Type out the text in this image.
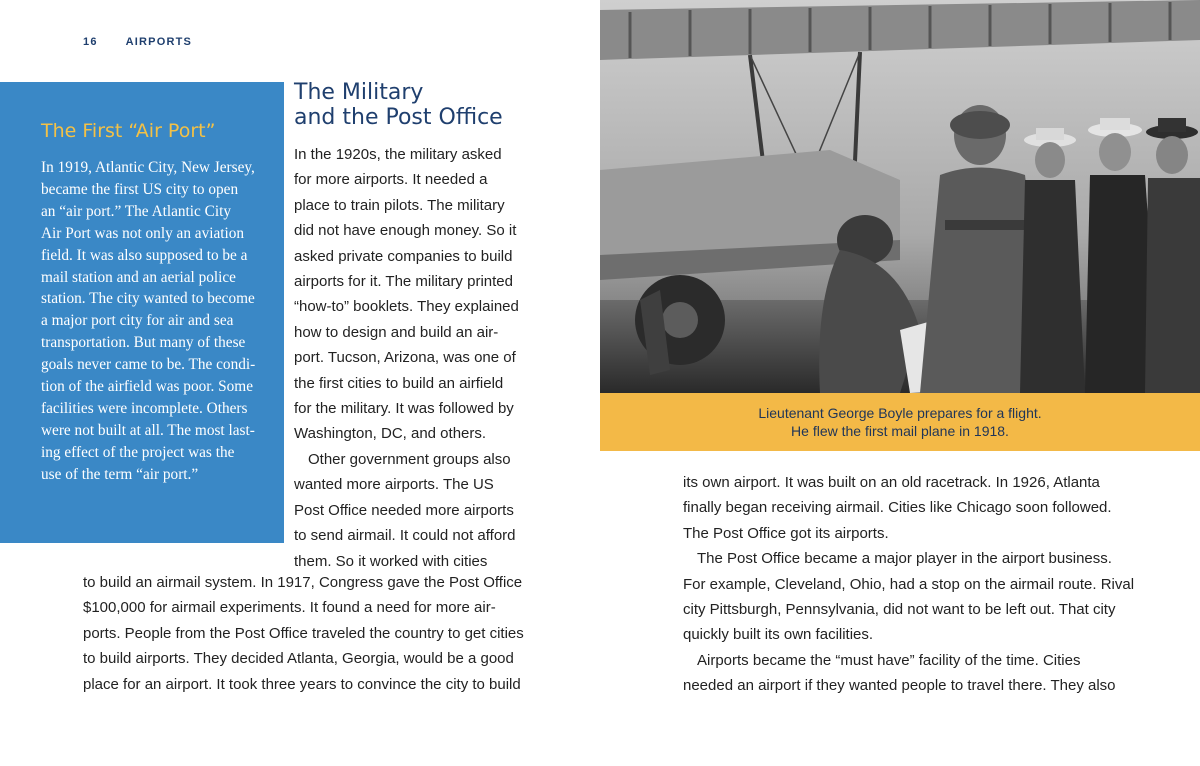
16	AIRPORTS
The First “Air Port”

In 1919, Atlantic City, New Jersey,
became the first US city to open
an “air port.” The Atlantic City
Air Port was not only an aviation
field. It was also supposed to be a
mail station and an aerial police
station. The city wanted to become
a major port city for air and sea
transportation. But many of these
goals never came to be. The condi-
tion of the airfield was poor. Some
facilities were incomplete. Others
were not built at all. The most last-
ing effect of the project was the
use of the term “air port.”

The Military
and the Post Office

In the 1920s, the military asked
for more airports. It needed a
place to train pilots. The military
did not have enough money. So it
asked private companies to build
airports for it. The military printed
“how-to” booklets. They explained
how to design and build an air-
port. Tucson, Arizona, was one of
the first cities to build an airfield
for the military. It was followed by
Washington, DC, and others.
Other government groups also
wanted more airports. The US
Post Office needed more airports
to send airmail. It could not afford
them. So it worked with cities

to build an airmail system. In 1917, Congress gave the Post Office
$100,000 for airmail experiments. It found a need for more air-
ports. People from the Post Office traveled the country to get cities
to build airports. They decided Atlanta, Georgia, would be a good
place for an airport. It took three years to convince the city to build

Lieutenant George Boyle prepares for a flight.
He flew the first mail plane in 1918.

its own airport. It was built on an old racetrack. In 1926, Atlanta
finally began receiving airmail. Cities like Chicago soon followed.
The Post Office got its airports.
The Post Office became a major player in the airport business.
For example, Cleveland, Ohio, had a stop on the airmail route. Rival
city Pittsburgh, Pennsylvania, did not want to be left out. That city
quickly built its own facilities.
Airports became the “must have” facility of the time. Cities
needed an airport if they wanted people to travel there. They also
